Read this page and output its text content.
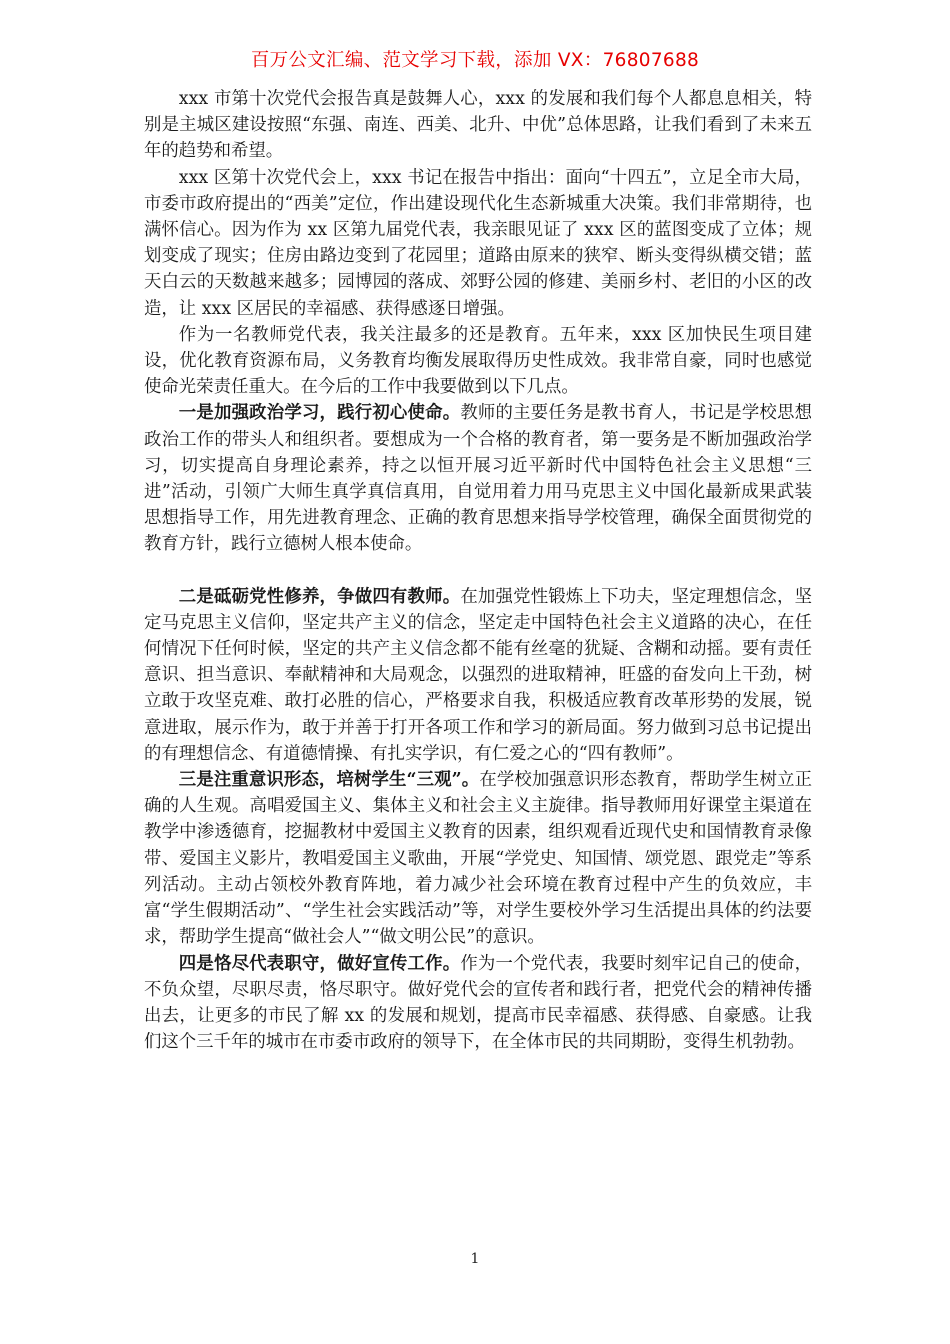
百万公文汇编、范文学习下载，添加 VX：76807688

xxx 市第十次党代会报告真是鼓舞人心，xxx 的发展和我们每个人都息息相关，特别是主城区建设按照“东强、南连、西美、北升、中优”总体思路，让我们看到了未来五年的趋势和希望。

xxx 区第十次党代会上，xxx 书记在报告中指出：面向“十四五”，立足全市大局，市委市政府提出的“西美”定位，作出建设现代化生态新城重大决策。我们非常期待，也满怀信心。因为作为 xx 区第九届党代表，我亲眼见证了 xxx 区的蓝图变成了立体；规划变成了现实；住房由路边变到了花园里；道路由原来的狭窄、断头变得纵横交错；蓝天白云的天数越来越多；园博园的落成、郊野公园的修建、美丽乡村、老旧的小区的改造，让 xxx 区居民的幸福感、获得感逐日增强。

作为一名教师党代表，我关注最多的还是教育。五年来，xxx 区加快民生项目建设，优化教育资源布局，义务教育均衡发展取得历史性成效。我非常自豪，同时也感觉使命光荣责任重大。在今后的工作中我要做到以下几点。

一是加强政治学习，践行初心使命。教师的主要任务是教书育人，书记是学校思想政治工作的带头人和组织者。要想成为一个合格的教育者，第一要务是不断加强政治学习，切实提高自身理论素养，持之以恒开展习近平新时代中国特色社会主义思想“三进”活动，引领广大师生真学真信真用，自觉用着力用马克思主义中国化最新成果武装思想指导工作，用先进教育理念、正确的教育思想来指导学校管理，确保全面贯彻党的教育方针，践行立德树人根本使命。

二是砥砺党性修养，争做四有教师。在加强党性锻炼上下功夫，坚定理想信念，坚定马克思主义信仰，坚定共产主义的信念，坚定走中国特色社会主义道路的决心，在任何情况下任何时候，坚定的共产主义信念都不能有丝毫的犹疑、含糊和动摇。要有责任意识、担当意识、奉献精神和大局观念，以强烈的进取精神，旺盛的奋发向上干劲，树立敢于攻坚克难、敢打必胜的信心，严格要求自我，积极适应教育改革形势的发展，锐意进取，展示作为，敢于并善于打开各项工作和学习的新局面。努力做到习总书记提出的有理想信念、有道德情操、有扎实学识，有仁爱之心的“四有教师”。

三是注重意识形态，培树学生“三观”。在学校加强意识形态教育，帮助学生树立正确的人生观。高唱爱国主义、集体主义和社会主义主旋律。指导教师用好课堂主渠道在教学中渗透德育，挖掘教材中爱国主义教育的因素，组织观看近现代史和国情教育录像带、爱国主义影片，教唱爱国主义歌曲，开展“学党史、知国情、颂党恩、跟党走”等系列活动。主动占领校外教育阵地，着力减少社会环境在教育过程中产生的负效应，丰富“学生假期活动”、“学生社会实践活动”等，对学生要校外学习生活提出具体的约法要求，帮助学生提高“做社会人”“做文明公民”的意识。

四是恪尽代表职守，做好宣传工作。作为一个党代表，我要时刻牢记自己的使命，不负众望，尽职尽责，恪尽职守。做好党代会的宣传者和践行者，把党代会的精神传播出去，让更多的市民了解 xx 的发展和规划，提高市民幸福感、获得感、自豪感。让我们这个三千年的城市在市委市政府的领导下，在全体市民的共同期盼，变得生机勃勃。

1
